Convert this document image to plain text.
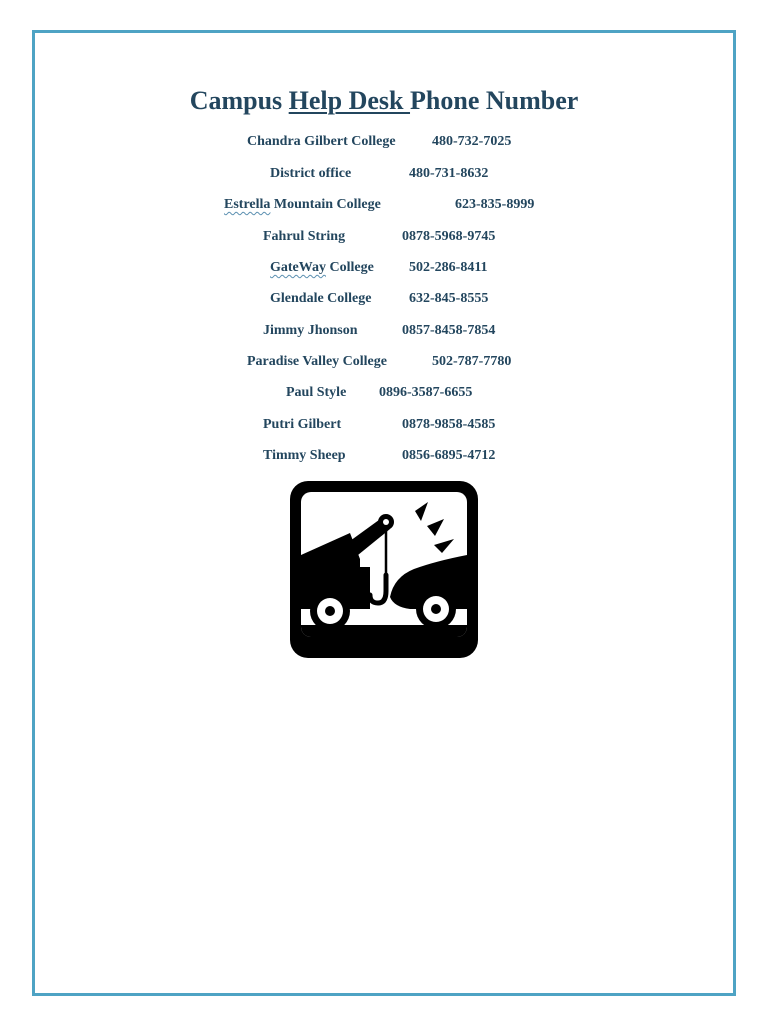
Campus Help Desk Phone Number

Chandra Gilbert College	480-732-7025

District office	480-731-8632

Estrella Mountain College	623-835-8999

Fahrul String	0878-5968-9745

GateWay College	502-286-8411

Glendale College	632-845-8555

Jimmy Jhonson	0857-8458-7854

Paradise Valley College	502-787-7780

Paul Style 0896-3587-6655

Putri Gilbert	0878-9858-4585

Timmy Sheep	0856-6895-4712
